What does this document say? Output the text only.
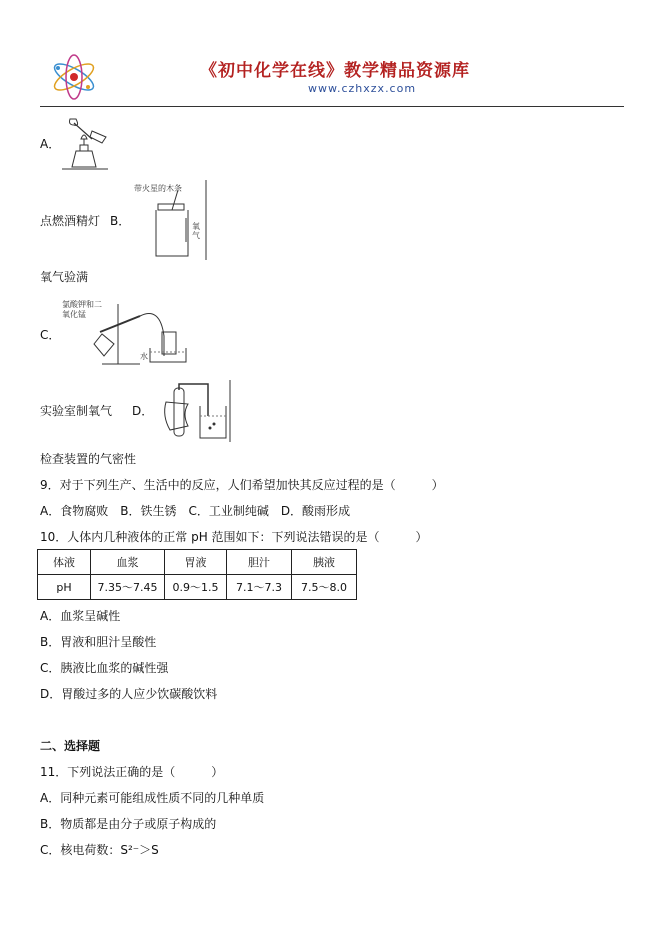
《初中化学在线》教学精品资源库
www.czhxzx.com
A．
点燃酒精灯 B．
带火星的木条
氧气
氧气验满
C．
氯酸钾和二氧化锰
水
实验室制氧气 D．
检查装置的气密性
9．对于下列生产、生活中的反应，人们希望加快其反应过程的是（　　　）
A．食物腐败　B．铁生锈　C．工业制纯碱　D．酸雨形成
10．人体内几种液体的正常 pH 范围如下：下列说法错误的是（　　　）
体液	血浆	胃液	胆汁	胰液
pH	7.35～7.45	0.9～1.5	7.1～7.3	7.5～8.0
A．血浆呈碱性
B．胃液和胆汁呈酸性
C．胰液比血浆的碱性强
D．胃酸过多的人应少饮碳酸饮料
二、选择题
11．下列说法正确的是（　　　）
A．同种元素可能组成性质不同的几种单质
B．物质都是由分子或原子构成的
C．核电荷数：S²⁻＞S
